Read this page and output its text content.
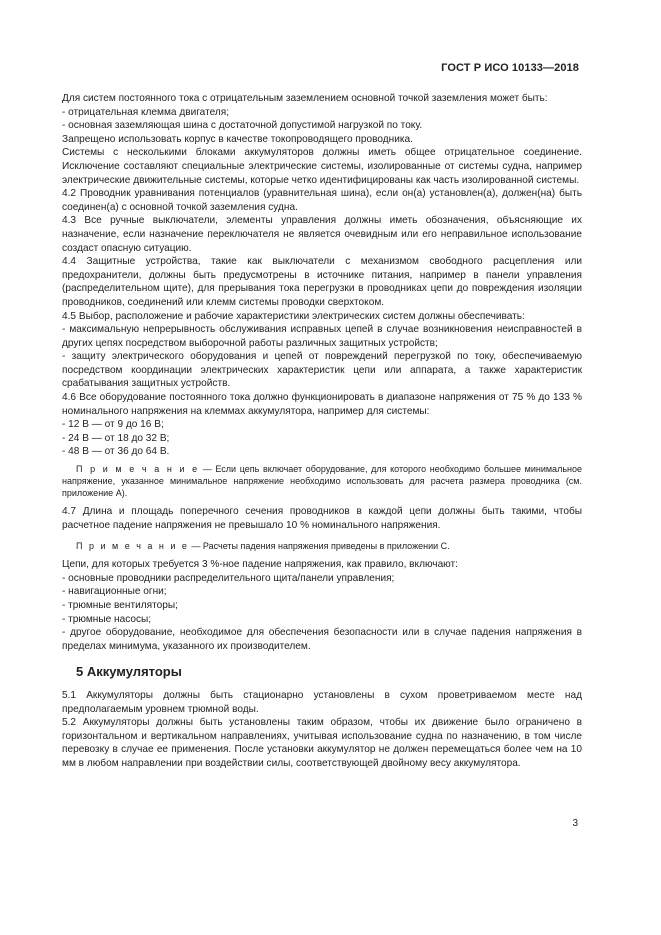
ГОСТ Р ИСО 10133—2018

Для систем постоянного тока с отрицательным заземлением основной точкой заземления может быть:

- отрицательная клемма двигателя;

- основная заземляющая шина с достаточной допустимой нагрузкой по току.

Запрещено использовать корпус в качестве токопроводящего проводника.

Системы с несколькими блоками аккумуляторов должны иметь общее отрицательное соединение. Исключение составляют специальные электрические системы, изолированные от системы судна, например электрические движительные системы, которые четко идентифицированы как часть изолированной системы.

4.2 Проводник уравнивания потенциалов (уравнительная шина), если он(а) установлен(а), должен(на) быть соединен(а) с основной точкой заземления судна.

4.3 Все ручные выключатели, элементы управления должны иметь обозначения, объясняющие их назначение, если назначение переключателя не является очевидным или его неправильное использование создаст опасную ситуацию.

4.4 Защитные устройства, такие как выключатели с механизмом свободного расцепления или предохранители, должны быть предусмотрены в источнике питания, например в панели управления (распределительном щите), для прерывания тока перегрузки в проводниках цепи до повреждения изоляции проводников, соединений или клемм системы проводки сверхтоком.

4.5 Выбор, расположение и рабочие характеристики электрических систем должны обеспечивать:

- максимальную непрерывность обслуживания исправных цепей в случае возникновения неисправностей в других цепях посредством выборочной работы различных защитных устройств;

- защиту электрического оборудования и цепей от повреждений перегрузкой по току, обеспечиваемую посредством координации электрических характеристик цепи или аппарата, а также характеристик срабатывания защитных устройств.

4.6 Все оборудование постоянного тока должно функционировать в диапазоне напряжения от 75 % до 133 % номинального напряжения на клеммах аккумулятора, например для системы:

- 12 В — от 9 до 16 В;

- 24 В — от 18 до 32 В;

- 48 В — от 36 до 64 В.

П р и м е ч а н и е — Если цепь включает оборудование, для которого необходимо большее минимальное напряжение, указанное минимальное напряжение необходимо использовать для расчета размера проводника (см. приложение А).

4.7 Длина и площадь поперечного сечения проводников в каждой цепи должны быть такими, чтобы расчетное падение напряжения не превышало 10 % номинального напряжения.

П р и м е ч а н и е — Расчеты падения напряжения приведены в приложении С.

Цепи, для которых требуется 3 %-ное падение напряжения, как правило, включают:

- основные проводники распределительного щита/панели управления;

- навигационные огни;

- трюмные вентиляторы;

- трюмные насосы;

- другое оборудование, необходимое для обеспечения безопасности или в случае падения напряжения в пределах минимума, указанного их производителем.

5 Аккумуляторы

5.1 Аккумуляторы должны быть стационарно установлены в сухом проветриваемом месте над предполагаемым уровнем трюмной воды.

5.2 Аккумуляторы должны быть установлены таким образом, чтобы их движение было ограничено в горизонтальном и вертикальном направлениях, учитывая использование судна по назначению, в том числе перевозку в случае ее применения. После установки аккумулятор не должен перемещаться более чем на 10 мм в любом направлении при воздействии силы, соответствующей двойному весу аккумулятора.

3
